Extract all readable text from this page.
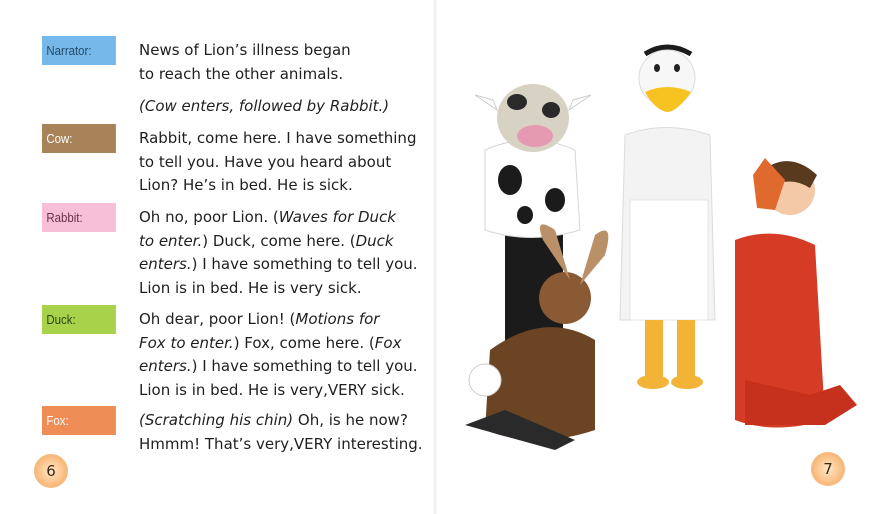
Narrator:	News of Lion’s illness began
to reach the other animals.
(Cow enters, followed by Rabbit.)
Cow:	Rabbit, come here. I have something
to tell you. Have you heard about
Lion? He’s in bed. He is sick.
Rabbit:	Oh no, poor Lion. (Waves for Duck
to enter.) Duck, come here. (Duck
enters.) I have something to tell you.
Lion is in bed. He is very sick.
Duck:	Oh dear, poor Lion! (Motions for
Fox to enter.) Fox, come here. (Fox
enters.) I have something to tell you.
Lion is in bed. He is very,VERY sick.
Fox:	(Scratching his chin) Oh, is he now?
Hmmm! That’s very,VERY interesting.
6	7
